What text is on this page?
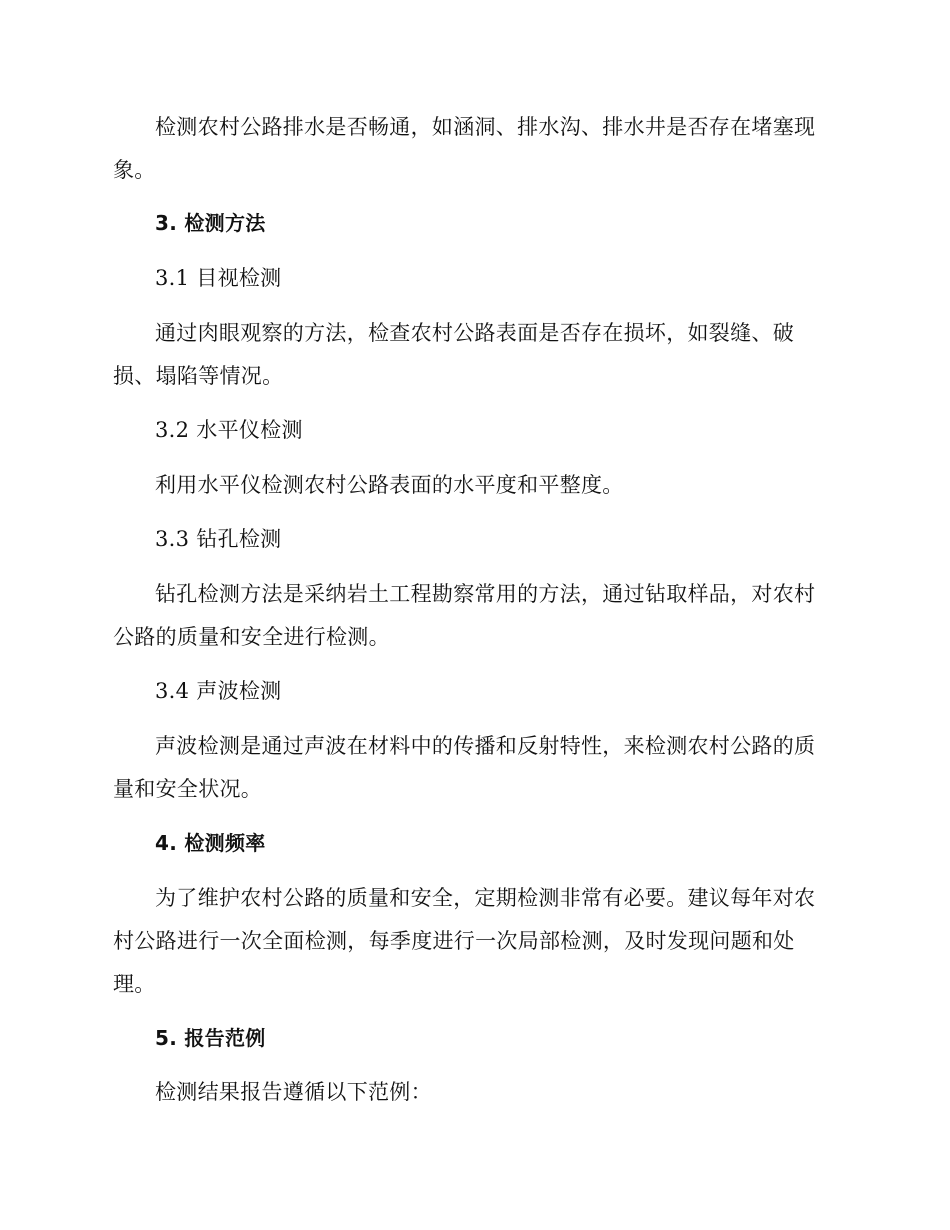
检测农村公路排水是否畅通，如涵洞、排水沟、排水井是否存在堵塞现象。

3. 检测方法

3.1 目视检测

通过肉眼观察的方法，检查农村公路表面是否存在损坏，如裂缝、破损、塌陷等情况。

3.2 水平仪检测

利用水平仪检测农村公路表面的水平度和平整度。

3.3 钻孔检测

钻孔检测方法是采纳岩土工程勘察常用的方法，通过钻取样品，对农村公路的质量和安全进行检测。

3.4 声波检测

声波检测是通过声波在材料中的传播和反射特性，来检测农村公路的质量和安全状况。

4. 检测频率

为了维护农村公路的质量和安全，定期检测非常有必要。建议每年对农村公路进行一次全面检测，每季度进行一次局部检测，及时发现问题和处理。

5. 报告范例

检测结果报告遵循以下范例：
